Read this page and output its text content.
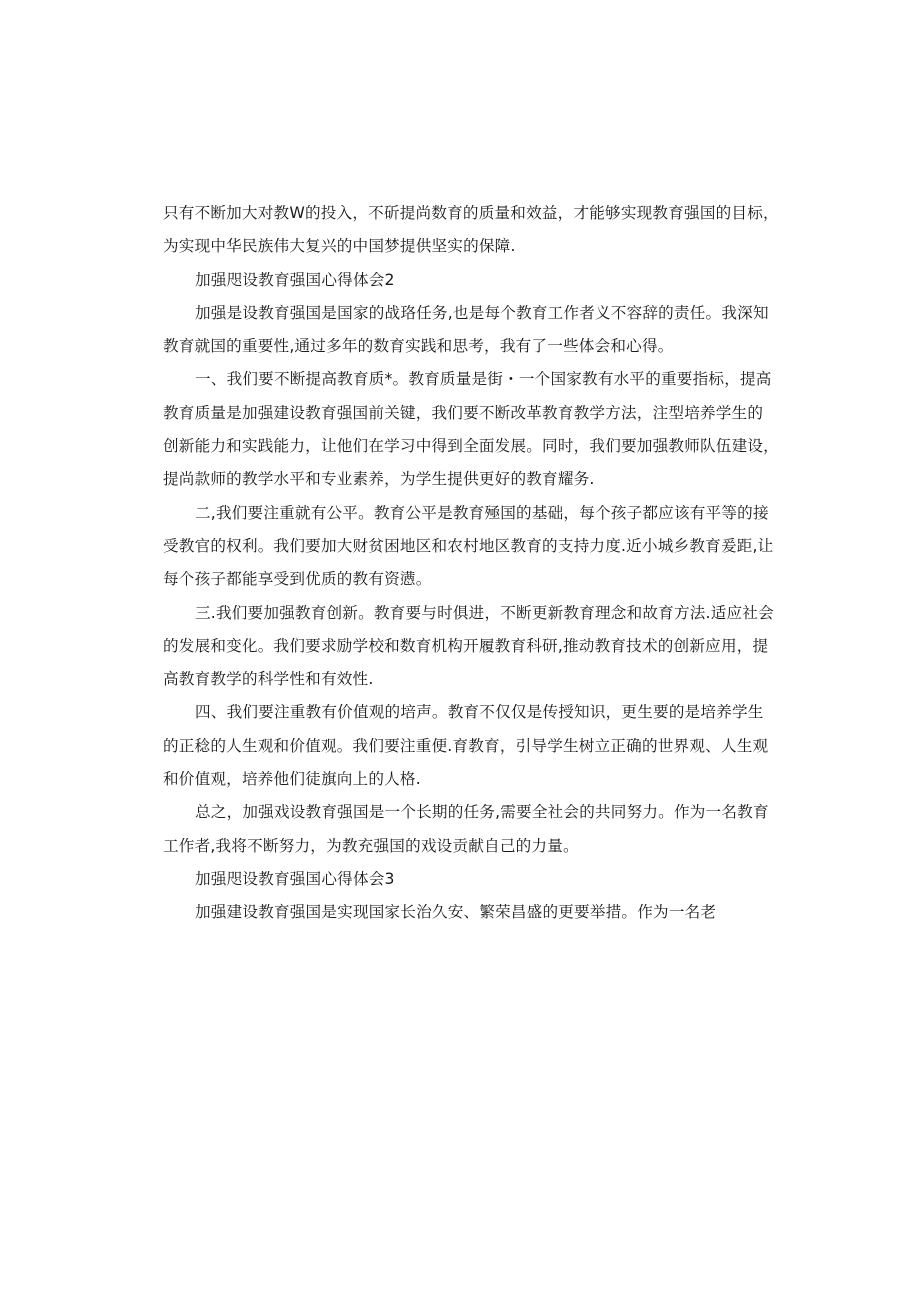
只有不断加大对教W的投入，不斫提尚数育的质量和效益，才能够实现教育强国的目标，
为实现中华民族伟大复兴的中国梦提供坚实的保障.

加强咫设教育强国心得体会2

加强是设教育强国是国家的战珞任务,也是每个教育工作者义不容辞的责任。我深知
教育就国的重要性,通过多年的数育实践和思考，我有了一些体会和心得。

一、我们要不断提高教育质*。教育质量是街・一个国家教有水平的重要指标，提高
教育质量是加强建设教育强国前关键，我们要不断改革教育教学方法，注型培养学生的
创新能力和实践能力，让他们在学习中得到全面发展。同时，我们要加强教师队伍建设，
提尚款师的教学水平和专业素养，为学生提供更好的教育耀务.

二,我们要注重就有公平。教育公平是教育殛国的基础，每个孩子都应该有平等的接
受教官的权利。我们要加大财贫困地区和农村地区教育的支持力度.近小城乡教育爰距,让
每个孩子都能享受到优质的教有资懑。

三.我们要加强教育创新。教育要与时俱进，不断更新教育理念和故育方法.适应社会
的发展和变化。我们要求励学校和数育机构开履教育科研,推动教育技术的创新应用，提
高教育教学的科学性和有效性.

四、我们要注重教有价值观的培声。教育不仅仅是传授知识，更生要的是培养学生
的正稔的人生观和价值观。我们要注重便.育教育，引导学生树立正确的世界观、人生观
和价值观，培养他们徒旗向上的人格.

总之，加强戏设教育强国是一个长期的任务,需要全社会的共同努力。作为一名教育
工作者,我将不断努力，为教充强国的戏设贡献自己的力量。

加强咫设教育强国心得体会3

加强建设教育强国是实现国家长治久安、繁荣昌盛的更要举措。作为一名老
